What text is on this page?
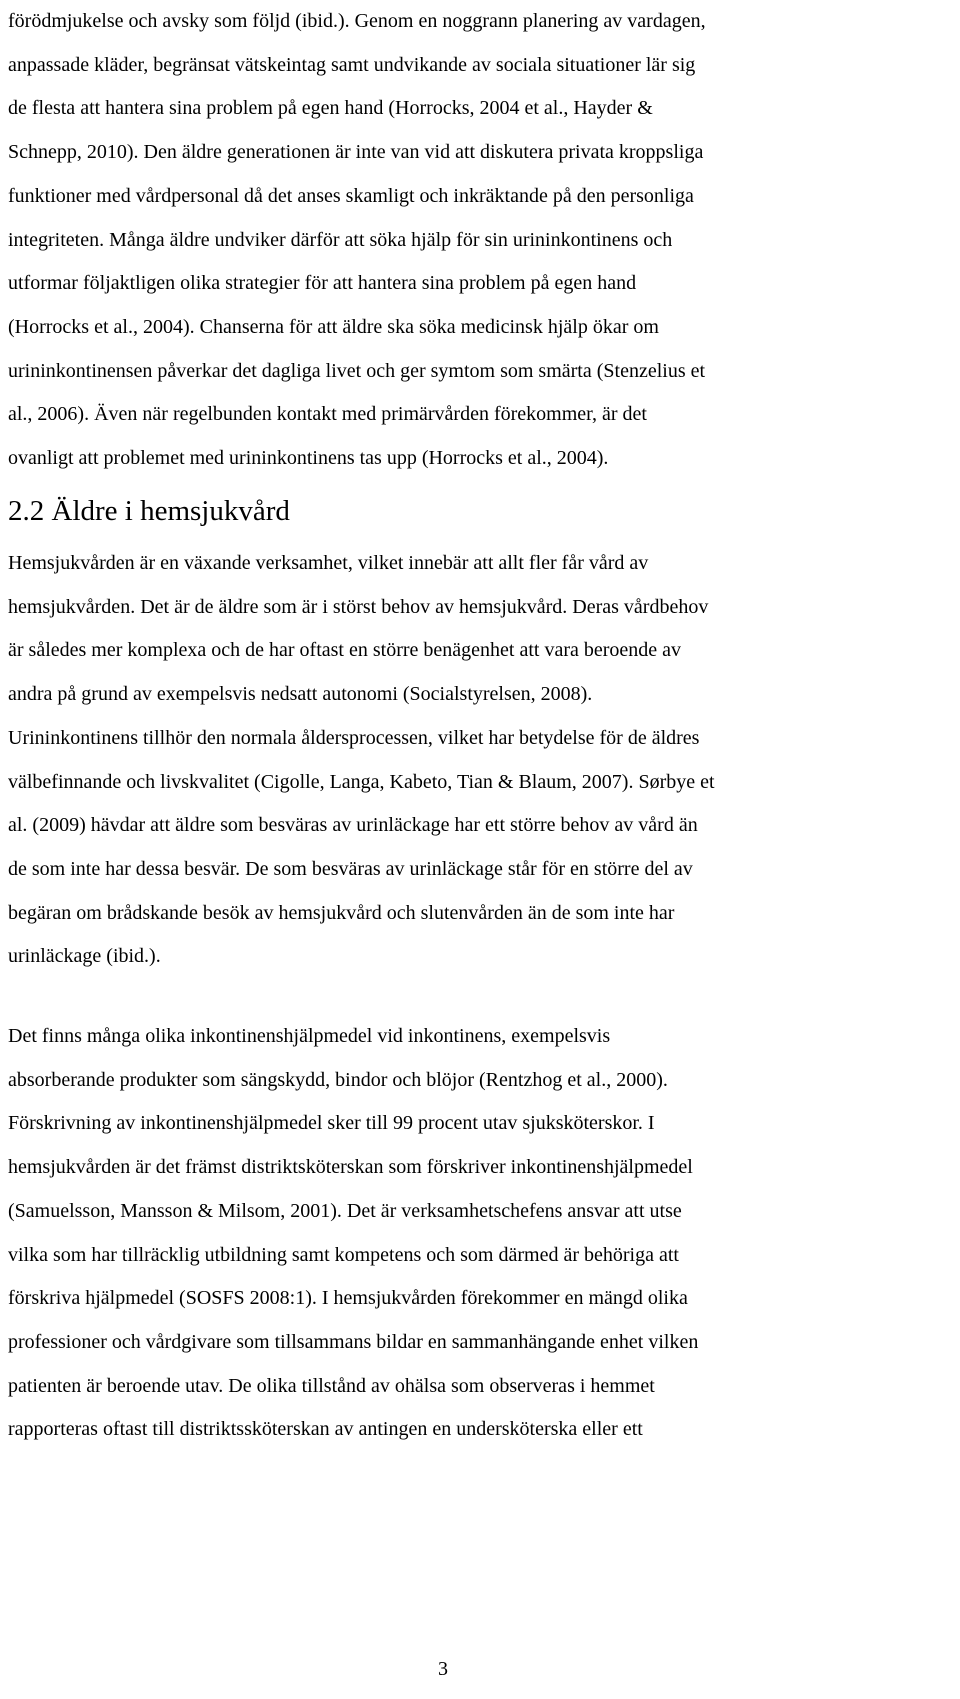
förödmjukelse och avsky som följd (ibid.). Genom en noggrann planering av vardagen,
anpassade kläder, begränsat vätskeintag samt undvikande av sociala situationer lär sig
de flesta att hantera sina problem på egen hand (Horrocks, 2004 et al., Hayder &
Schnepp, 2010). Den äldre generationen är inte van vid att diskutera privata kroppsliga
funktioner med vårdpersonal då det anses skamligt och inkräktande på den personliga
integriteten. Många äldre undviker därför att söka hjälp för sin urininkontinens och
utformar följaktligen olika strategier för att hantera sina problem på egen hand
(Horrocks et al., 2004). Chanserna för att äldre ska söka medicinsk hjälp ökar om
urininkontinensen påverkar det dagliga livet och ger symtom som smärta (Stenzelius et
al., 2006). Även när regelbunden kontakt med primärvården förekommer, är det
ovanligt att problemet med urininkontinens tas upp (Horrocks et al., 2004).
2.2 Äldre i hemsjukvård
Hemsjukvården är en växande verksamhet, vilket innebär att allt fler får vård av
hemsjukvården. Det är de äldre som är i störst behov av hemsjukvård. Deras vårdbehov
är således mer komplexa och de har oftast en större benägenhet att vara beroende av
andra på grund av exempelsvis nedsatt autonomi (Socialstyrelsen, 2008).
Urininkontinens tillhör den normala åldersprocessen, vilket har betydelse för de äldres
välbefinnande och livskvalitet (Cigolle, Langa, Kabeto, Tian & Blaum, 2007). Sørbye et
al. (2009) hävdar att äldre som besväras av urinläckage har ett större behov av vård än
de som inte har dessa besvär. De som besväras av urinläckage står för en större del av
begäran om brådskande besök av hemsjukvård och slutenvården än de som inte har
urinläckage (ibid.).
Det finns många olika inkontinenshjälpmedel vid inkontinens, exempelsvis
absorberande produkter som sängskydd, bindor och blöjor (Rentzhog et al., 2000).
Förskrivning av inkontinenshjälpmedel sker till 99 procent utav sjuksköterskor. I
hemsjukvården är det främst distriktsköterskan som förskriver inkontinenshjälpmedel
(Samuelsson, Mansson & Milsom, 2001). Det är verksamhetschefens ansvar att utse
vilka som har tillräcklig utbildning samt kompetens och som därmed är behöriga att
förskriva hjälpmedel (SOSFS 2008:1). I hemsjukvården förekommer en mängd olika
professioner och vårdgivare som tillsammans bildar en sammanhängande enhet vilken
patienten är beroende utav. De olika tillstånd av ohälsa som observeras i hemmet
rapporteras oftast till distriktssköterskan av antingen en undersköterska eller ett
3
